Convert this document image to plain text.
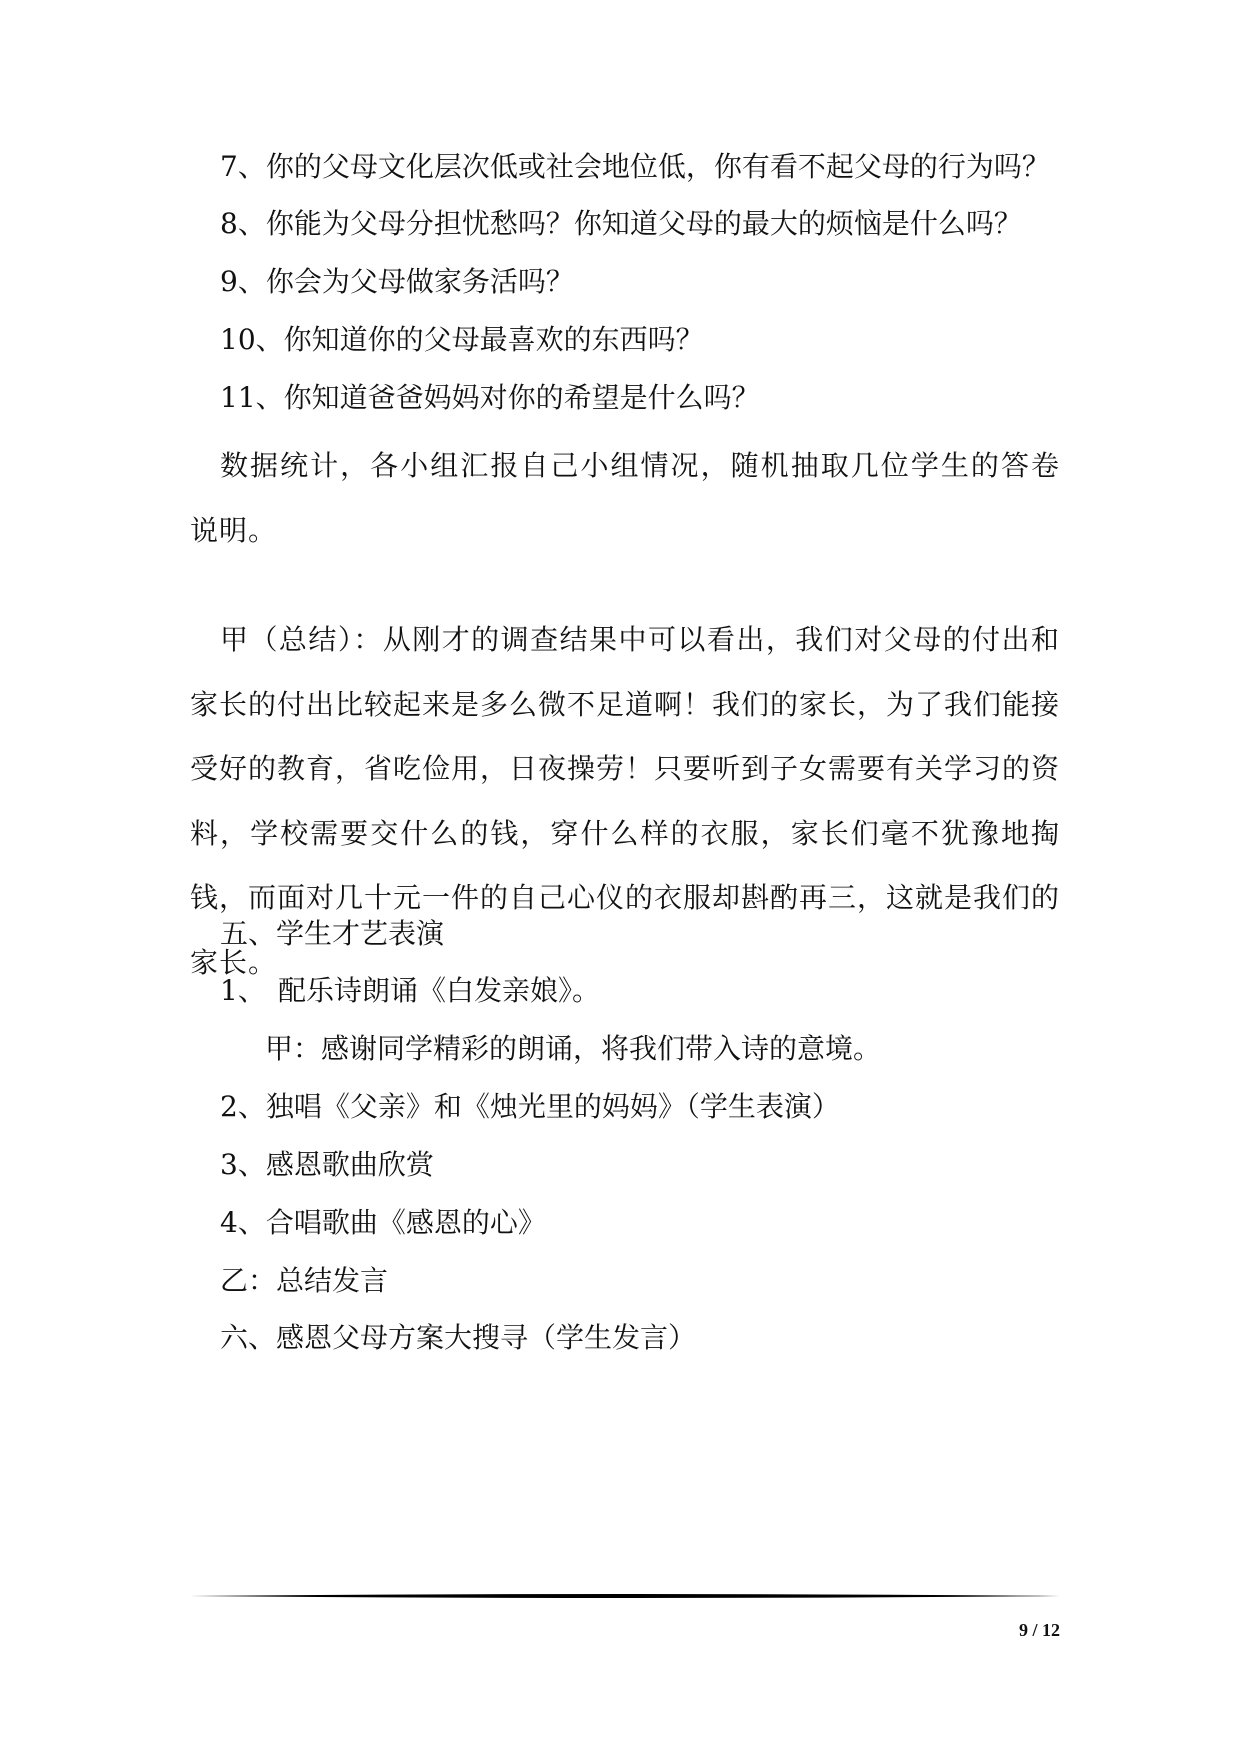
7、你的父母文化层次低或社会地位低，你有看不起父母的行为吗？
8、你能为父母分担忧愁吗？你知道父母的最大的烦恼是什么吗？
9、你会为父母做家务活吗？
10、你知道你的父母最喜欢的东西吗？
11、你知道爸爸妈妈对你的希望是什么吗？
数据统计，各小组汇报自己小组情况，随机抽取几位学生的答卷说明。
甲（总结）：从刚才的调查结果中可以看出，我们对父母的付出和家长的付出比较起来是多么微不足道啊！我们的家长，为了我们能接受好的教育，省吃俭用，日夜操劳！只要听到子女需要有关学习的资料，学校需要交什么的钱，穿什么样的衣服，家长们毫不犹豫地掏钱，而面对几十元一件的自己心仪的衣服却斟酌再三，这就是我们的家长。
五、学生才艺表演
1、 配乐诗朗诵《白发亲娘》。
甲：感谢同学精彩的朗诵，将我们带入诗的意境。
2、独唱《父亲》和《烛光里的妈妈》（学生表演）
3、感恩歌曲欣赏
4、合唱歌曲《感恩的心》
乙：总结发言
六、感恩父母方案大搜寻（学生发言）
9 / 12
